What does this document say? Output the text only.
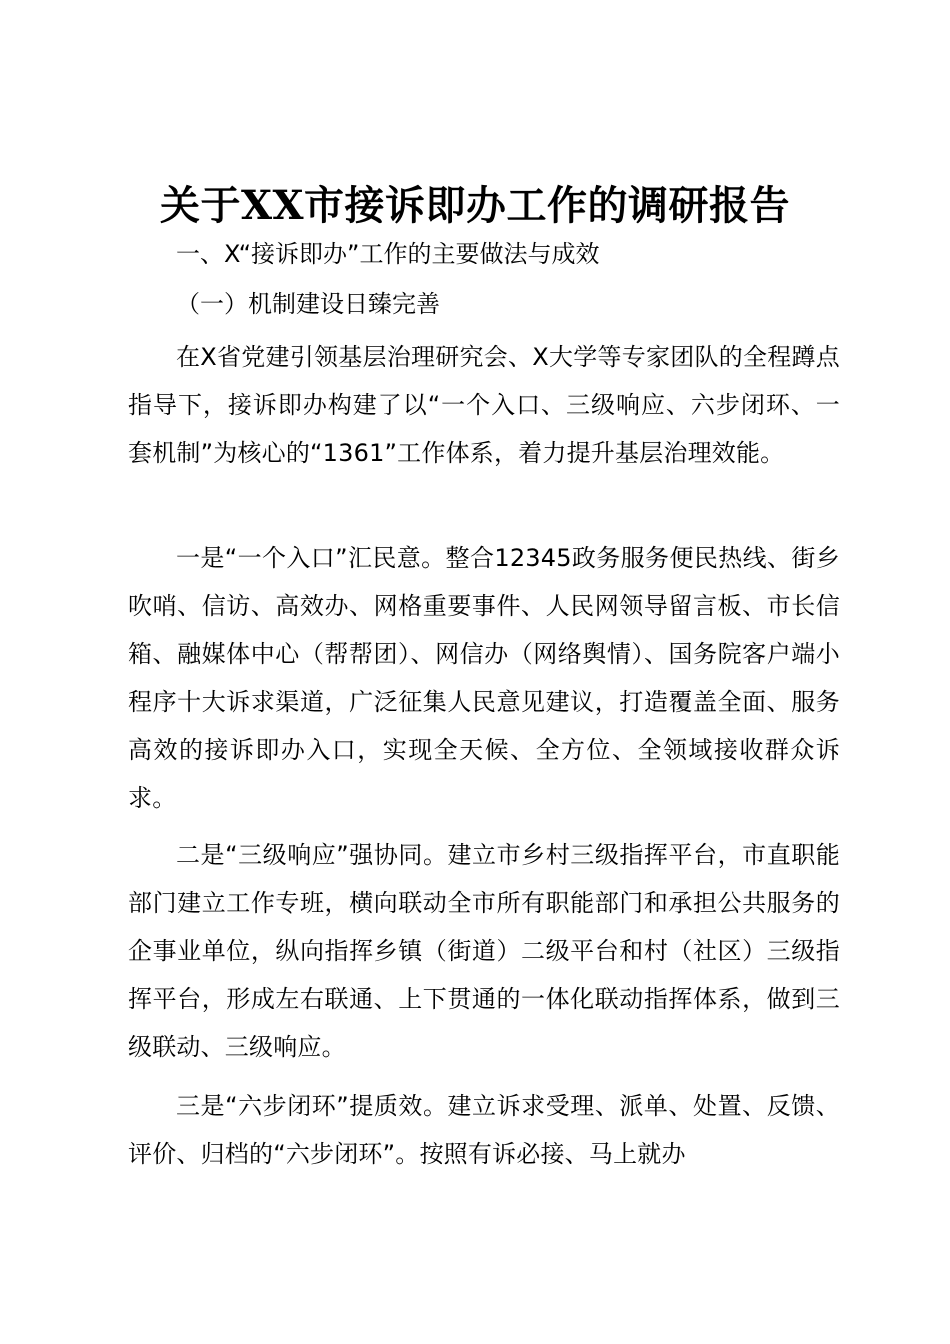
关于XX市接诉即办工作的调研报告

一、X“接诉即办”工作的主要做法与成效

（一）机制建设日臻完善

在X省党建引领基层治理研究会、X大学等专家团队的全程蹲点指导下，接诉即办构建了以“一个入口、三级响应、六步闭环、一套机制”为核心的“1361”工作体系，着力提升基层治理效能。

一是“一个入口”汇民意。整合12345政务服务便民热线、街乡吹哨、信访、高效办、网格重要事件、人民网领导留言板、市长信箱、融媒体中心（帮帮团）、网信办（网络舆情）、国务院客户端小程序十大诉求渠道，广泛征集人民意见建议，打造覆盖全面、服务高效的接诉即办入口，实现全天候、全方位、全领域接收群众诉求。

二是“三级响应”强协同。建立市乡村三级指挥平台，市直职能部门建立工作专班，横向联动全市所有职能部门和承担公共服务的企事业单位，纵向指挥乡镇（街道）二级平台和村（社区）三级指挥平台，形成左右联通、上下贯通的一体化联动指挥体系，做到三级联动、三级响应。

三是“六步闭环”提质效。建立诉求受理、派单、处置、反馈、评价、归档的“六步闭环”。按照有诉必接、马上就办
